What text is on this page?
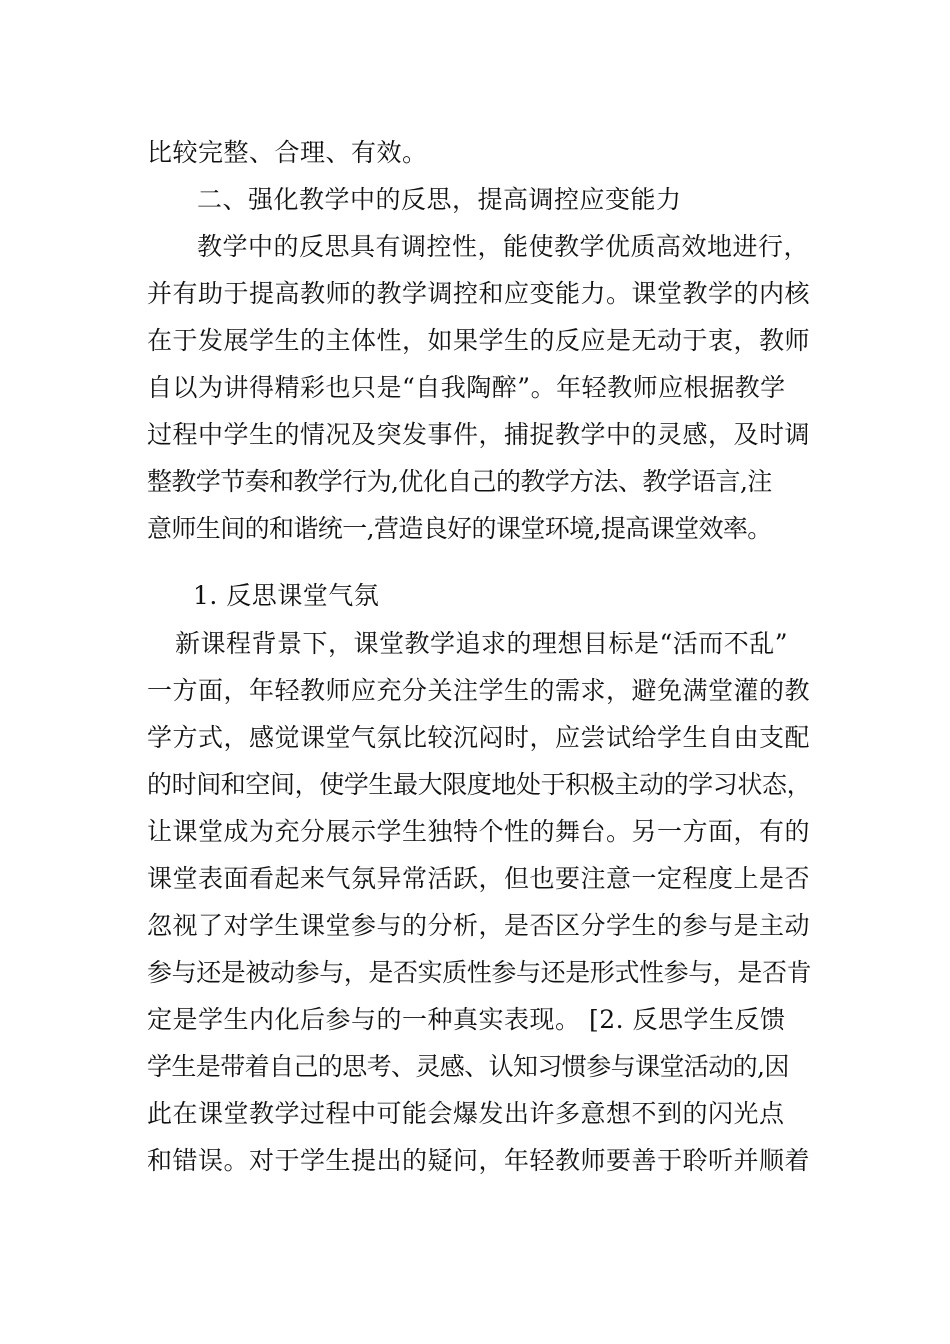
比较完整、合理、有效。
二、强化教学中的反思，提高调控应变能力
教学中的反思具有调控性，能使教学优质高效地进行，
并有助于提高教师的教学调控和应变能力。课堂教学的内核
在于发展学生的主体性，如果学生的反应是无动于衷，教师
自以为讲得精彩也只是“自我陶醉”。年轻教师应根据教学
过程中学生的情况及突发事件，捕捉教学中的灵感，及时调
整教学节奏和教学行为,优化自己的教学方法、教学语言,注
意师生间的和谐统一,营造良好的课堂环境,提高课堂效率。
1. 反思课堂气氛
新课程背景下，课堂教学追求的理想目标是“活而不乱”
一方面，年轻教师应充分关注学生的需求，避免满堂灌的教
学方式，感觉课堂气氛比较沉闷时，应尝试给学生自由支配
的时间和空间，使学生最大限度地处于积极主动的学习状态，
让课堂成为充分展示学生独特个性的舞台。另一方面，有的
课堂表面看起来气氛异常活跃，但也要注意一定程度上是否
忽视了对学生课堂参与的分析，是否区分学生的参与是主动
参与还是被动参与，是否实质性参与还是形式性参与，是否肯
定是学生内化后参与的一种真实表现。 [2. 反思学生反馈
学生是带着自己的思考、灵感、认知习惯参与课堂活动的,因
此在课堂教学过程中可能会爆发出许多意想不到的闪光点
和错误。对于学生提出的疑问，年轻教师要善于聆听并顺着
